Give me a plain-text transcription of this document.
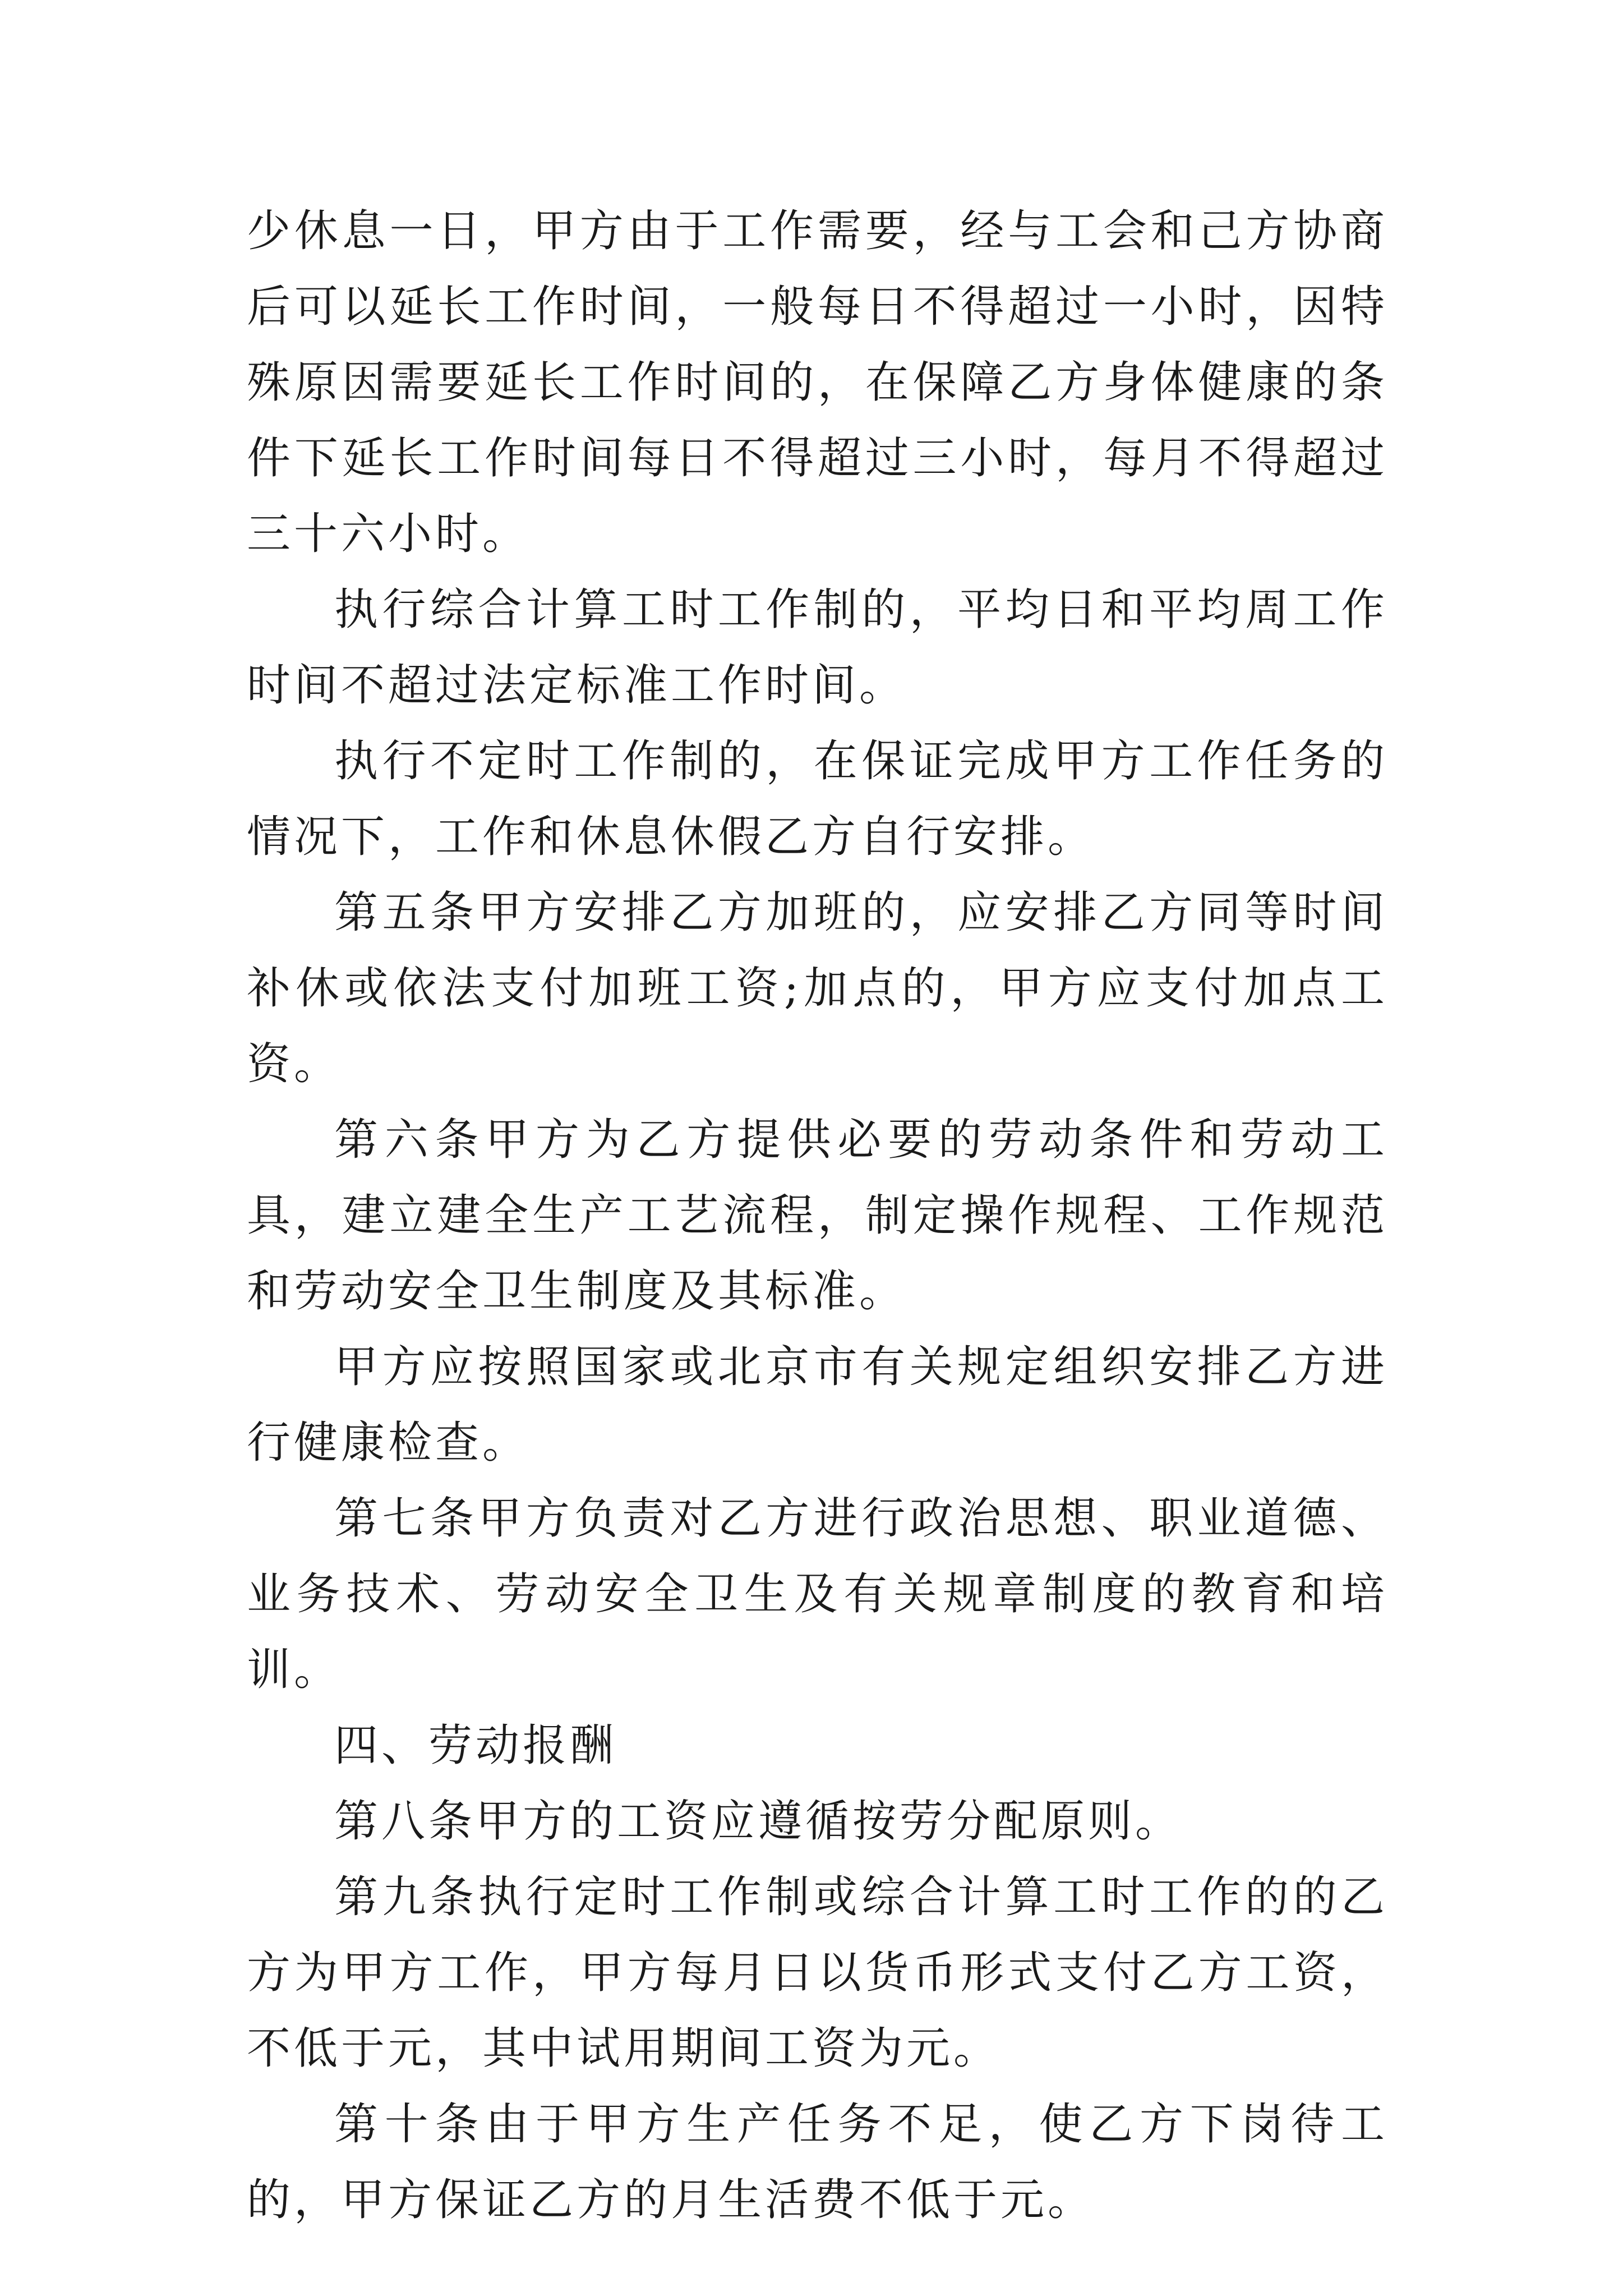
少休息一日，甲方由于工作需要，经与工会和己方协商后可以延长工作时间，一般每日不得超过一小时，因特殊原因需要延长工作时间的，在保障乙方身体健康的条件下延长工作时间每日不得超过三小时，每月不得超过三十六小时。

执行综合计算工时工作制的，平均日和平均周工作时间不超过法定标准工作时间。

执行不定时工作制的，在保证完成甲方工作任务的情况下，工作和休息休假乙方自行安排。

第五条甲方安排乙方加班的，应安排乙方同等时间补休或依法支付加班工资;加点的，甲方应支付加点工资。

第六条甲方为乙方提供必要的劳动条件和劳动工具，建立建全生产工艺流程，制定操作规程、工作规范和劳动安全卫生制度及其标准。

甲方应按照国家或北京市有关规定组织安排乙方进行健康检查。

第七条甲方负责对乙方进行政治思想、职业道德、业务技术、劳动安全卫生及有关规章制度的教育和培训。

四、劳动报酬

第八条甲方的工资应遵循按劳分配原则。

第九条执行定时工作制或综合计算工时工作的的乙方为甲方工作，甲方每月日以货币形式支付乙方工资，不低于元，其中试用期间工资为元。

第十条由于甲方生产任务不足，使乙方下岗待工的，甲方保证乙方的月生活费不低于元。
